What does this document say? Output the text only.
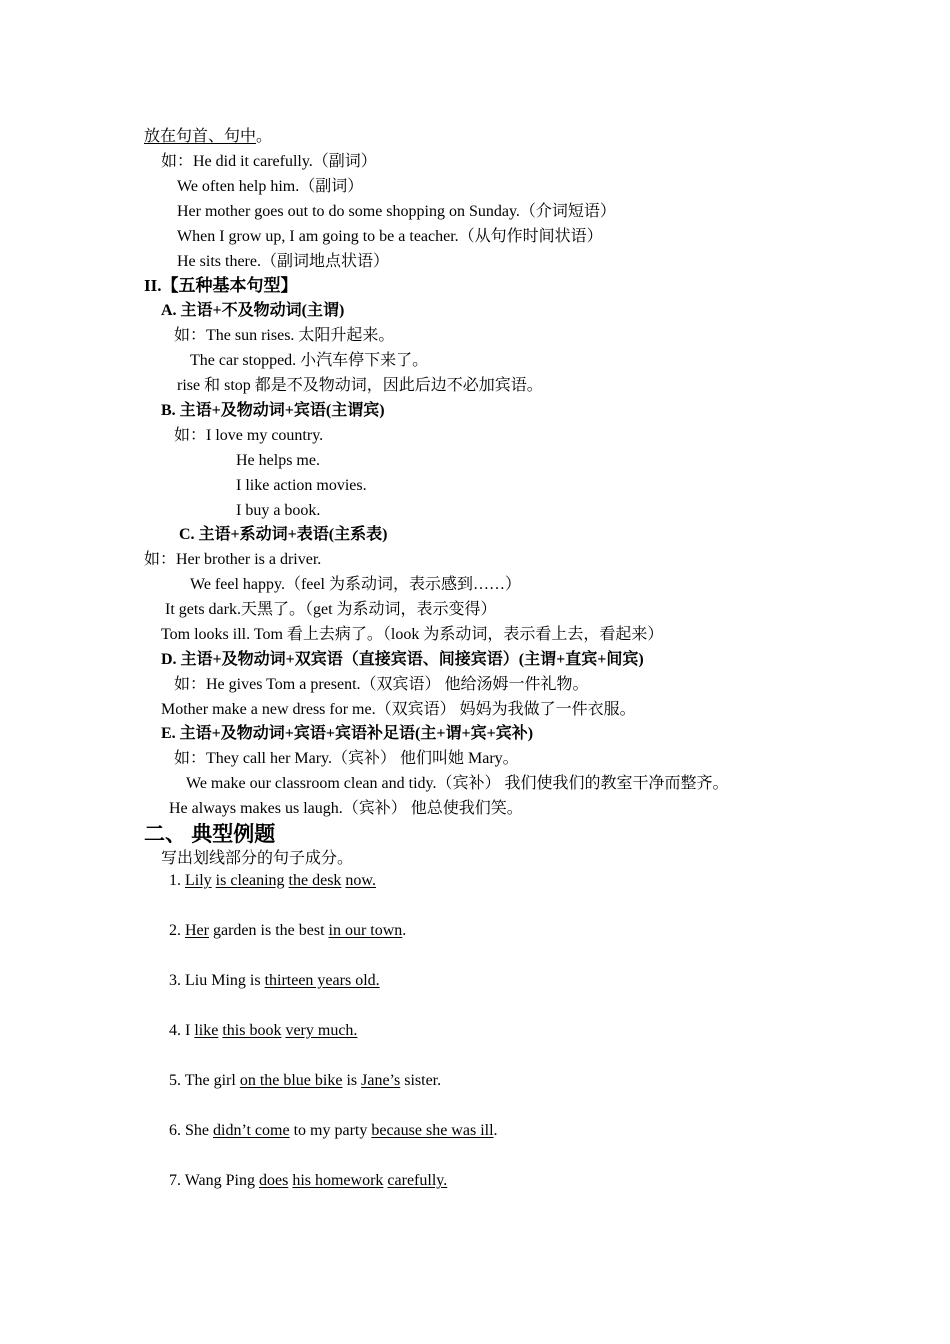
放在句首、句中。
如：He did it carefully.（副词）
We often help him.（副词）
Her mother goes out to do some shopping on Sunday.（介词短语）
When I grow up, I am going to be a teacher.（从句作时间状语）
He sits there.（副词地点状语）
II.【五种基本句型】
A. 主语+不及物动词(主谓)
如：The sun rises. 太阳升起来。
The car stopped. 小汽车停下来了。
rise 和 stop 都是不及物动词，因此后边不必加宾语。
B. 主语+及物动词+宾语(主谓宾)
如：I love my country.
He helps me.
I like action movies.
I buy a book.
C. 主语+系动词+表语(主系表)
如：Her brother is a driver.
We feel happy.（feel 为系动词，表示感到……）
It gets dark.天黑了。（get 为系动词，表示变得）
Tom looks ill. Tom 看上去病了。（look 为系动词，表示看上去，看起来）
D. 主语+及物动词+双宾语（直接宾语、间接宾语）(主谓+直宾+间宾)
如：He gives Tom a present.（双宾语） 他给汤姆一件礼物。
Mother make a new dress for me.（双宾语） 妈妈为我做了一件衣服。
E. 主语+及物动词+宾语+宾语补足语(主+谓+宾+宾补)
如：They call her Mary.（宾补） 他们叫她 Mary。
We make our classroom clean and tidy.（宾补） 我们使我们的教室干净而整齐。
He always makes us laugh.（宾补） 他总使我们笑。
二、 典型例题
写出划线部分的句子成分。
1. Lily is cleaning the desk now.
2. Her garden is the best in our town.
3. Liu Ming is thirteen years old.
4. I like this book very much.
5. The girl on the blue bike is Jane’s sister.
6. She didn’t come to my party because she was ill.
7. Wang Ping does his homework carefully.
